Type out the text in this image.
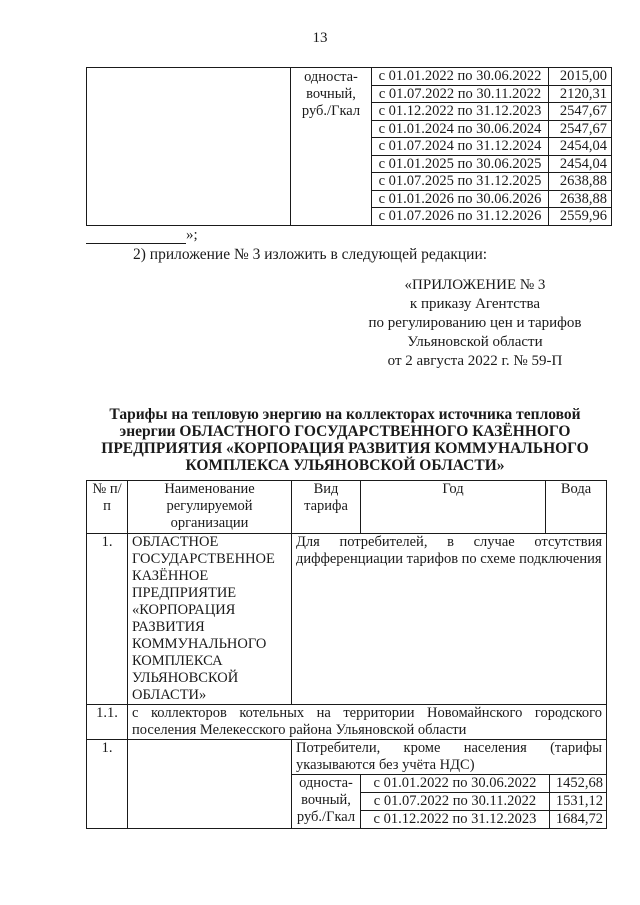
13

	односта-
вочный,
руб./Гкал	с 01.01.2022 по 30.06.2022	2015,00
		с 01.07.2022 по 30.11.2022	2120,31
		с 01.12.2022 по 31.12.2023	2547,67
		с 01.01.2024 по 30.06.2024	2547,67
		с 01.07.2024 по 31.12.2024	2454,04
		с 01.01.2025 по 30.06.2025	2454,04
		с 01.07.2025 по 31.12.2025	2638,88
		с 01.01.2026 по 30.06.2026	2638,88
		с 01.07.2026 по 31.12.2026	2559,96
»;
2) приложение № 3 изложить в следующей редакции:
«ПРИЛОЖЕНИЕ № 3
к приказу Агентства
по регулированию цен и тарифов
Ульяновской области
от 2 августа 2022 г. № 59-П
Тарифы на тепловую энергию на коллекторах источника тепловой
энергии ОБЛАСТНОГО ГОСУДАРСТВЕННОГО КАЗЁННОГО
ПРЕДПРИЯТИЯ «КОРПОРАЦИЯ РАЗВИТИЯ КОММУНАЛЬНОГО
КОМПЛЕКСА УЛЬЯНОВСКОЙ ОБЛАСТИ»
№ п/п	Наименование регулируемой организации	Вид тарифа	Год	Вода
1.	ОБЛАСТНОЕ ГОСУДАРСТВЕННОЕ КАЗЁННОЕ ПРЕДПРИЯТИЕ «КОРПОРАЦИЯ РАЗВИТИЯ КОММУНАЛЬНОГО КОМПЛЕКСА УЛЬЯНОВСКОЙ ОБЛАСТИ»	Для потребителей, в случае отсутствия дифференциации тарифов по схеме подключения
1.1.	с коллекторов котельных на территории Новомайнского городского поселения Мелекесского района Ульяновской области
1.		Потребители, кроме населения (тарифы указываются без учёта НДС)

односта-
вочный,
руб./Гкал

с 01.01.2022 по 30.06.2022	1452,68
с 01.07.2022 по 30.11.2022	1531,12
с 01.12.2022 по 31.12.2023	1684,72
